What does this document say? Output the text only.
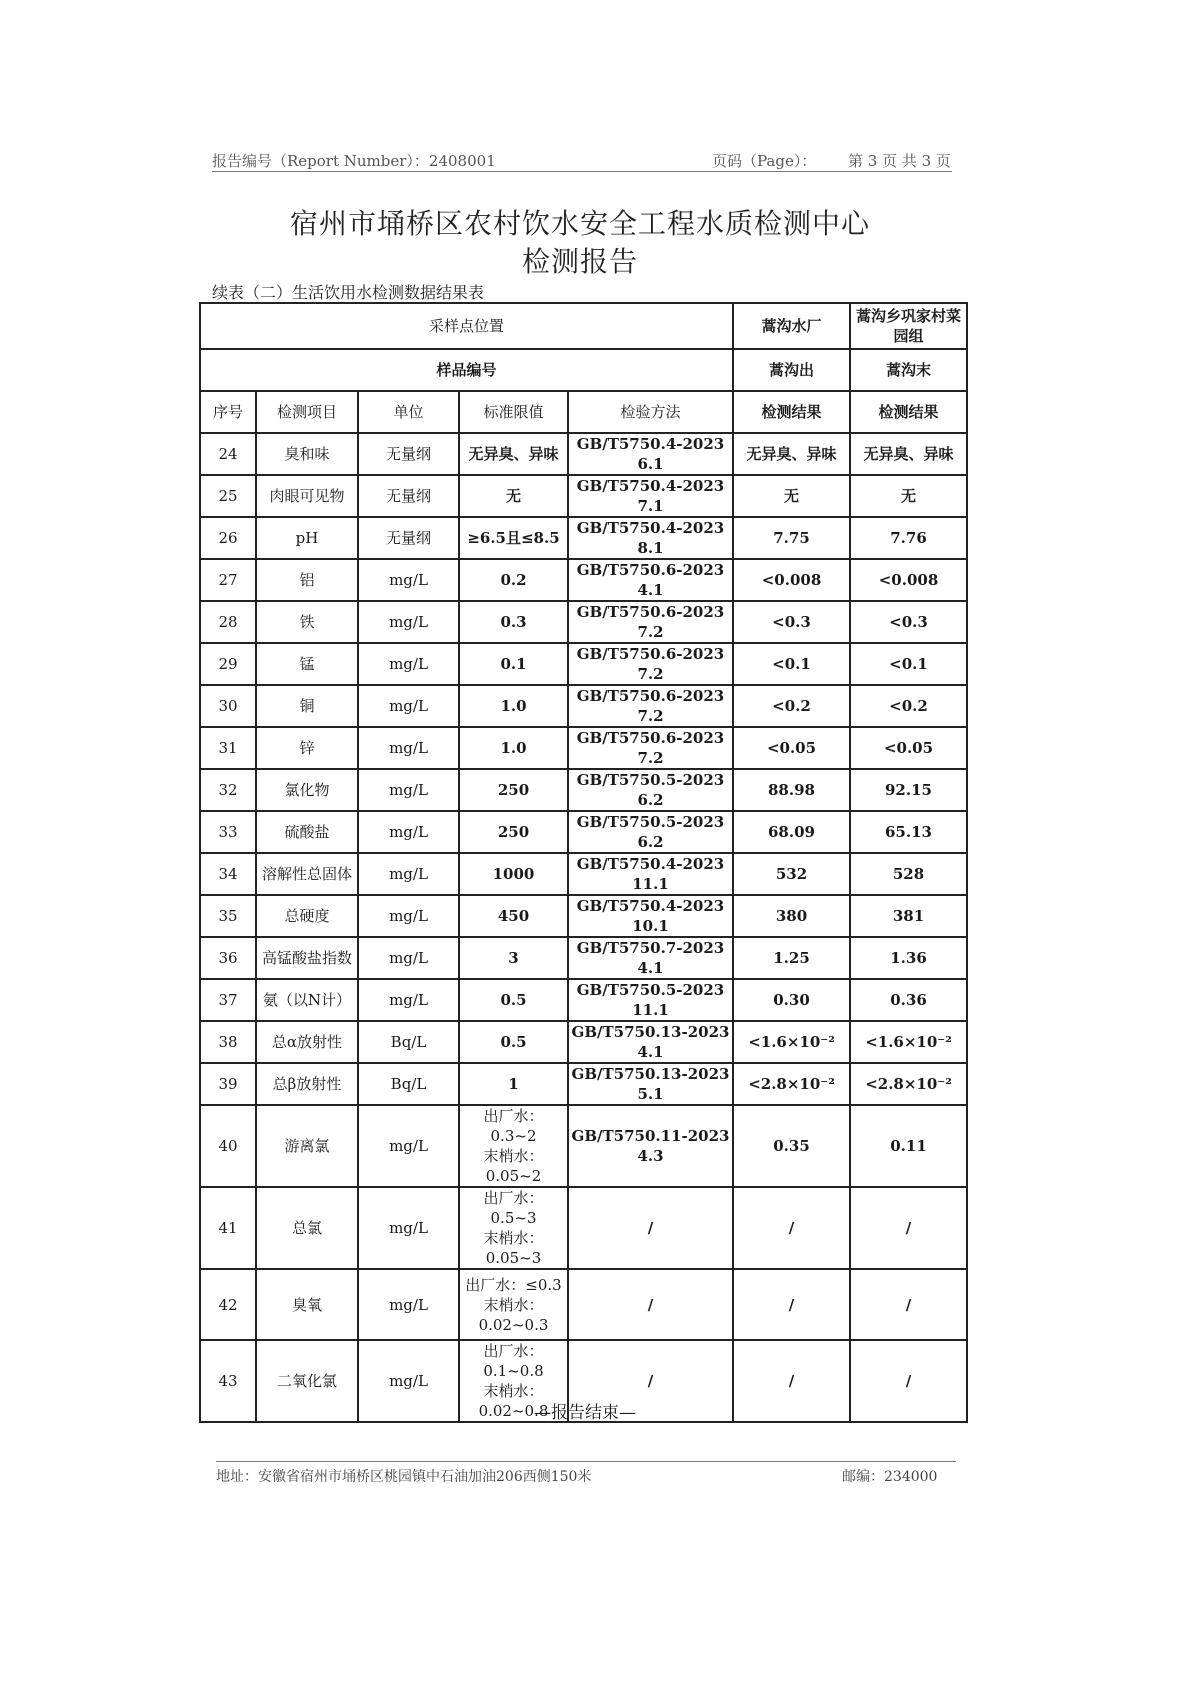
报告编号（Report Number）：2408001	页码（Page）： 第 3 页 共 3 页
宿州市埇桥区农村饮水安全工程水质检测中心
检测报告
续表（二）生活饮用水检测数据结果表
采样点位置					蒿沟水厂	蒿沟乡巩家村菜园组
样品编号					蒿沟出	蒿沟末
序号	检测项目	单位	标准限值	检验方法	检测结果	检测结果
24	臭和味	无量纲	无异臭、异味	GB/T5750.4-2023 6.1	无异臭、异味	无异臭、异味
25	肉眼可见物	无量纲	无	GB/T5750.4-2023 7.1	无	无
26	pH	无量纲	≥6.5且≤8.5	GB/T5750.4-2023 8.1	7.75	7.76
27	铝	mg/L	0.2	GB/T5750.6-2023 4.1	<0.008	<0.008
28	铁	mg/L	0.3	GB/T5750.6-2023 7.2	<0.3	<0.3
29	锰	mg/L	0.1	GB/T5750.6-2023 7.2	<0.1	<0.1
30	铜	mg/L	1.0	GB/T5750.6-2023 7.2	<0.2	<0.2
31	锌	mg/L	1.0	GB/T5750.6-2023 7.2	<0.05	<0.05
32	氯化物	mg/L	250	GB/T5750.5-2023 6.2	88.98	92.15
33	硫酸盐	mg/L	250	GB/T5750.5-2023 6.2	68.09	65.13
34	溶解性总固体	mg/L	1000	GB/T5750.4-2023 11.1	532	528
35	总硬度	mg/L	450	GB/T5750.4-2023 10.1	380	381
36	高锰酸盐指数	mg/L	3	GB/T5750.7-2023 4.1	1.25	1.36
37	氨（以N计）	mg/L	0.5	GB/T5750.5-2023 11.1	0.30	0.36
38	总α放射性	Bq/L	0.5	GB/T5750.13-2023 4.1	<1.6×10⁻²	<1.6×10⁻²
39	总β放射性	Bq/L	1	GB/T5750.13-2023 5.1	<2.8×10⁻²	<2.8×10⁻²
40	游离氯	mg/L	出厂水：0.3~2
末梢水：0.05~2	GB/T5750.11-2023 4.3	0.35	0.11
41	总氯	mg/L	出厂水：0.5~3
末梢水：0.05~3	/	/	/
42	臭氧	mg/L	出厂水：≤0.3
末梢水：
0.02~0.3	/	/	/
43	二氧化氯	mg/L	出厂水：0.1~0.8
末梢水：
0.02~0.8	/	/	/
—报告结束—
地址：安徽省宿州市埇桥区桃园镇中石油加油206西侧150米	邮编：234000
